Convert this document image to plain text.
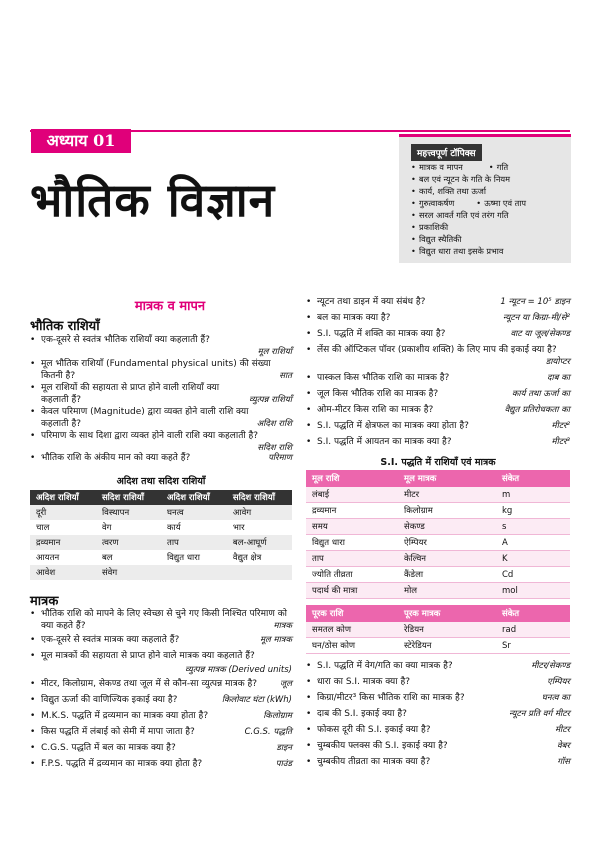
अध्याय 01
भौतिक विज्ञान
महत्त्वपूर्ण टॉपिक्स
• मात्रक व मापन	• गति
• बल एवं न्यूटन के गति के नियम
• कार्य, शक्ति तथा ऊर्जा
• गुरुत्वाकर्षण	• ऊष्मा एवं ताप
• सरल आवर्त गति एवं तरंग गति
• प्रकाशिकी
• विद्युत स्थैतिकी
• विद्युत धारा तथा इसके प्रभाव
मात्रक व मापन
भौतिक राशियाँ
• एक-दूसरे से स्वतंत्र भौतिक राशियाँ क्या कहलाती हैं?
मूल राशियाँ
• मूल भौतिक राशियाँ (Fundamental physical units) की संख्या
कितनी है?	सात
• मूल राशियों की सहायता से प्राप्त होने वाली राशियाँ क्या
कहलाती हैं?	व्युत्पन्न राशियाँ
• केवल परिमाण (Magnitude) द्वारा व्यक्त होने वाली राशि क्या
कहलाती है?	अदिश राशि
• परिमाण के साथ दिशा द्वारा व्यक्त होने वाली राशि क्या कहलाती है?
सदिश राशि
• भौतिक राशि के अंकीय मान को क्या कहते हैं?	परिमाण
अदिश तथा सदिश राशियाँ
अदिश राशियाँ	सदिश राशियाँ	अदिश राशियाँ	सदिश राशियाँ
दूरी	विस्थापन	घनत्व	आवेग
चाल	वेग	कार्य	भार
द्रव्यमान	त्वरण	ताप	बल-आघूर्ण
आयतन	बल	विद्युत धारा	वैद्युत क्षेत्र
आवेश	संवेग		
मात्रक
• भौतिक राशि को मापने के लिए स्वेच्छा से चुने गए किसी निश्चित परिमाण को
क्या कहते हैं?	मात्रक
• एक-दूसरे से स्वतंत्र मात्रक क्या कहलाते हैं?	मूल मात्रक
• मूल मात्रकों की सहायता से प्राप्त होने वाले मात्रक क्या कहलाते हैं?
व्युत्पन्न मात्रक (Derived units)
• मीटर, किलोग्राम, सेकण्ड तथा जूल में से कौन-सा व्युत्पन्न मात्रक है?	जूल
• विद्युत ऊर्जा की वाणिज्यिक इकाई क्या है?	किलोवाट घंटा (kWh)
• M.K.S. पद्धति में द्रव्यमान का मात्रक क्या होता है?	किलोग्राम
• किस पद्धति में लंबाई को सेमी में मापा जाता है?	C.G.S. पद्धति
• C.G.S. पद्धति में बल का मात्रक क्या है?	डाइन
• F.P.S. पद्धति में द्रव्यमान का मात्रक क्या होता है?	पाउंड
• न्यूटन तथा डाइन में क्या संबंध है?	1 न्यूटन = 10⁵ डाइन
• बल का मात्रक क्या है?	न्यूटन या किग्रा-मी/से²
• S.I. पद्धति में शक्ति का मात्रक क्या है?	वाट या जूल/सेकण्ड
• लेंस की ऑप्टिकल पॉवर (प्रकाशीय शक्ति) के लिए माप की इकाई क्या है?
डायोप्टर
• पास्कल किस भौतिक राशि का मात्रक है?	दाब का
• जूल किस भौतिक राशि का मात्रक है?	कार्य तथा ऊर्जा का
• ओम-मीटर किस राशि का मात्रक है?	वैद्युत प्रतिरोधकता का
• S.I. पद्धति में क्षेत्रफल का मात्रक क्या होता है?	मीटर²
• S.I. पद्धति में आयतन का मात्रक क्या है?	मीटर³
S.I. पद्धति में राशियाँ एवं मात्रक
मूल राशि	मूल मात्रक	संकेत
लंबाई	मीटर	m
द्रव्यमान	किलोग्राम	kg
समय	सेकण्ड	s
विद्युत धारा	ऐम्पियर	A
ताप	केल्विन	K
ज्योति तीव्रता	कैंडेला	Cd
पदार्थ की मात्रा	मोल	mol
पूरक राशि	पूरक मात्रक	संकेत
समतल कोण	रेडियन	rad
घन/ठोस कोण	स्टेरेडियन	Sr
• S.I. पद्धति में वेग/गति का क्या मात्रक है?	मीटर/सेकण्ड
• धारा का S.I. मात्रक क्या है?	एम्पियर
• किग्रा/मीटर³ किस भौतिक राशि का मात्रक है?	घनत्व का
• दाब की S.I. इकाई क्या है?	न्यूटन प्रति वर्ग मीटर
• फोकस दूरी की S.I. इकाई क्या है?	मीटर
• चुम्बकीय फ्लक्स की S.I. इकाई क्या है?	वेबर
• चुम्बकीय तीव्रता का मात्रक क्या है?	गॉस
